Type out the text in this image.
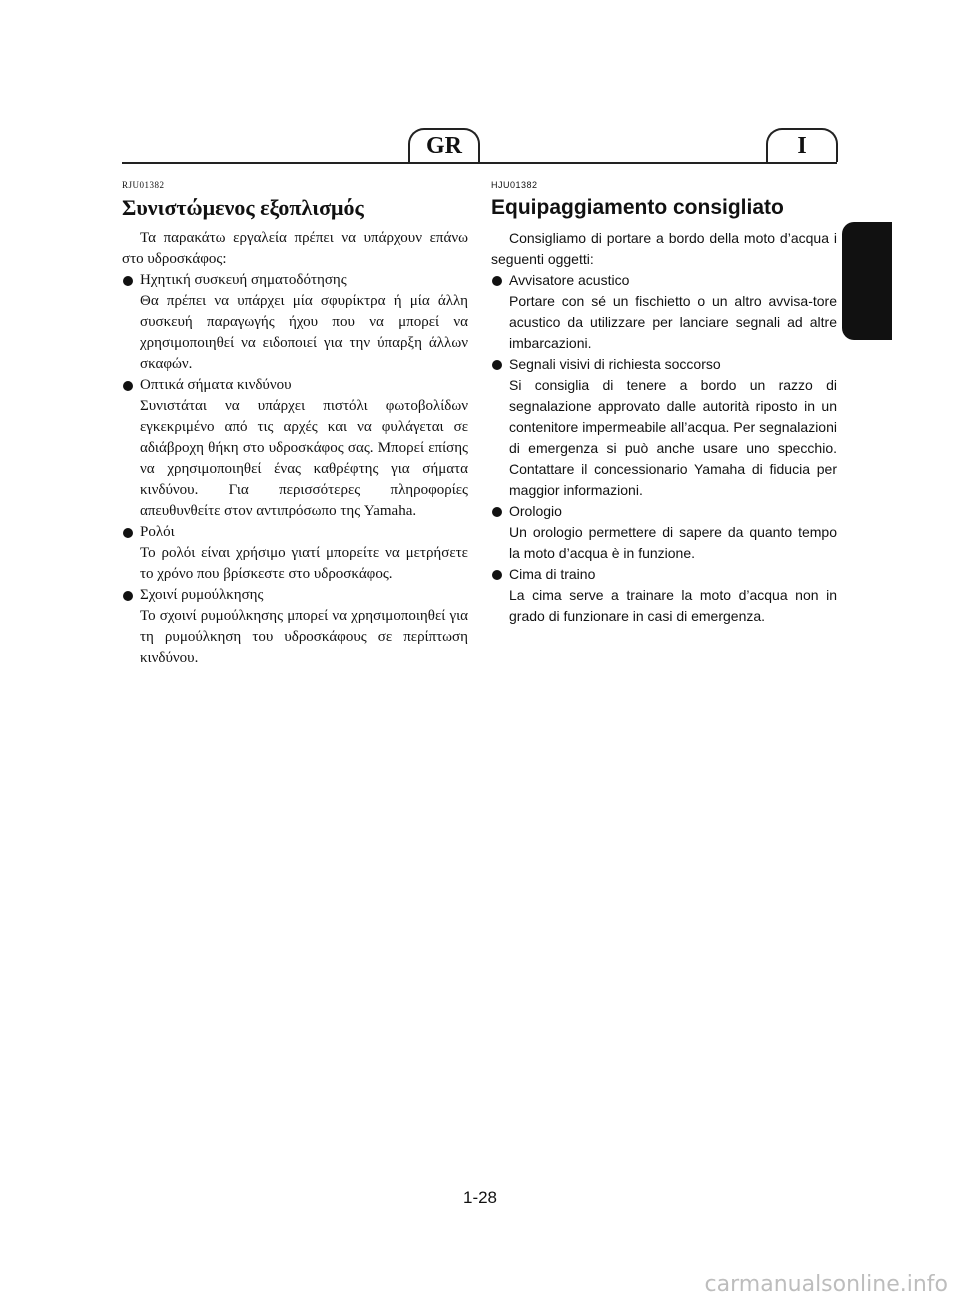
GR	I
RJU01382
Συνιστώμενος εξοπλισμός

Τα παρακάτω εργαλεία πρέπει να υπάρχουν επάνω στο υδροσκάφος:

Ηχητική συσκευή σηματοδότησης

Θα πρέπει να υπάρχει μία σφυρίκτρα ή μία άλλη συσκευή παραγωγής ήχου που να μπορεί να χρησιμοποιηθεί να ειδοποιεί για την ύπαρξη άλλων σκαφών.

Οπτικά σήματα κινδύνου

Συνιστάται να υπάρχει πιστόλι φωτοβολίδων εγκεκριμένο από τις αρχές και να φυλάγεται σε αδιάβροχη θήκη στο υδροσκάφος σας. Μπορεί επίσης να χρησιμοποιηθεί ένας καθρέφτης για σήματα κινδύνου. Για περισσότερες πληροφορίες απευθυνθείτε στον αντιπρόσωπο της Yamaha.

Ρολόι

Το ρολόι είναι χρήσιμο γιατί μπορείτε να μετρήσετε το χρόνο που βρίσκεστε στο υδροσκάφος.

Σχοινί ρυμούλκησης

Το σχοινί ρυμούλκησης μπορεί να χρησιμοποιηθεί για τη ρυμούλκηση του υδροσκάφους σε περίπτωση κινδύνου.

HJU01382
Equipaggiamento consigliato

Consigliamo di portare a bordo della moto d’acqua i seguenti oggetti:

Avvisatore acustico

Portare con sé un fischietto o un altro avvisa-tore acustico da utilizzare per lanciare segnali ad altre imbarcazioni.

Segnali visivi di richiesta soccorso

Si consiglia di tenere a bordo un razzo di segnalazione approvato dalle autorità riposto in un contenitore impermeabile all’acqua. Per segnalazioni di emergenza si può anche usare uno specchio. Contattare il concessionario Yamaha di fiducia per maggior informazioni.

Orologio

Un orologio permettere di sapere da quanto tempo la moto d’acqua è in funzione.

Cima di traino

La cima serve a trainare la moto d’acqua non in grado di funzionare in casi di emergenza.

1-28
carmanualsonline.info
